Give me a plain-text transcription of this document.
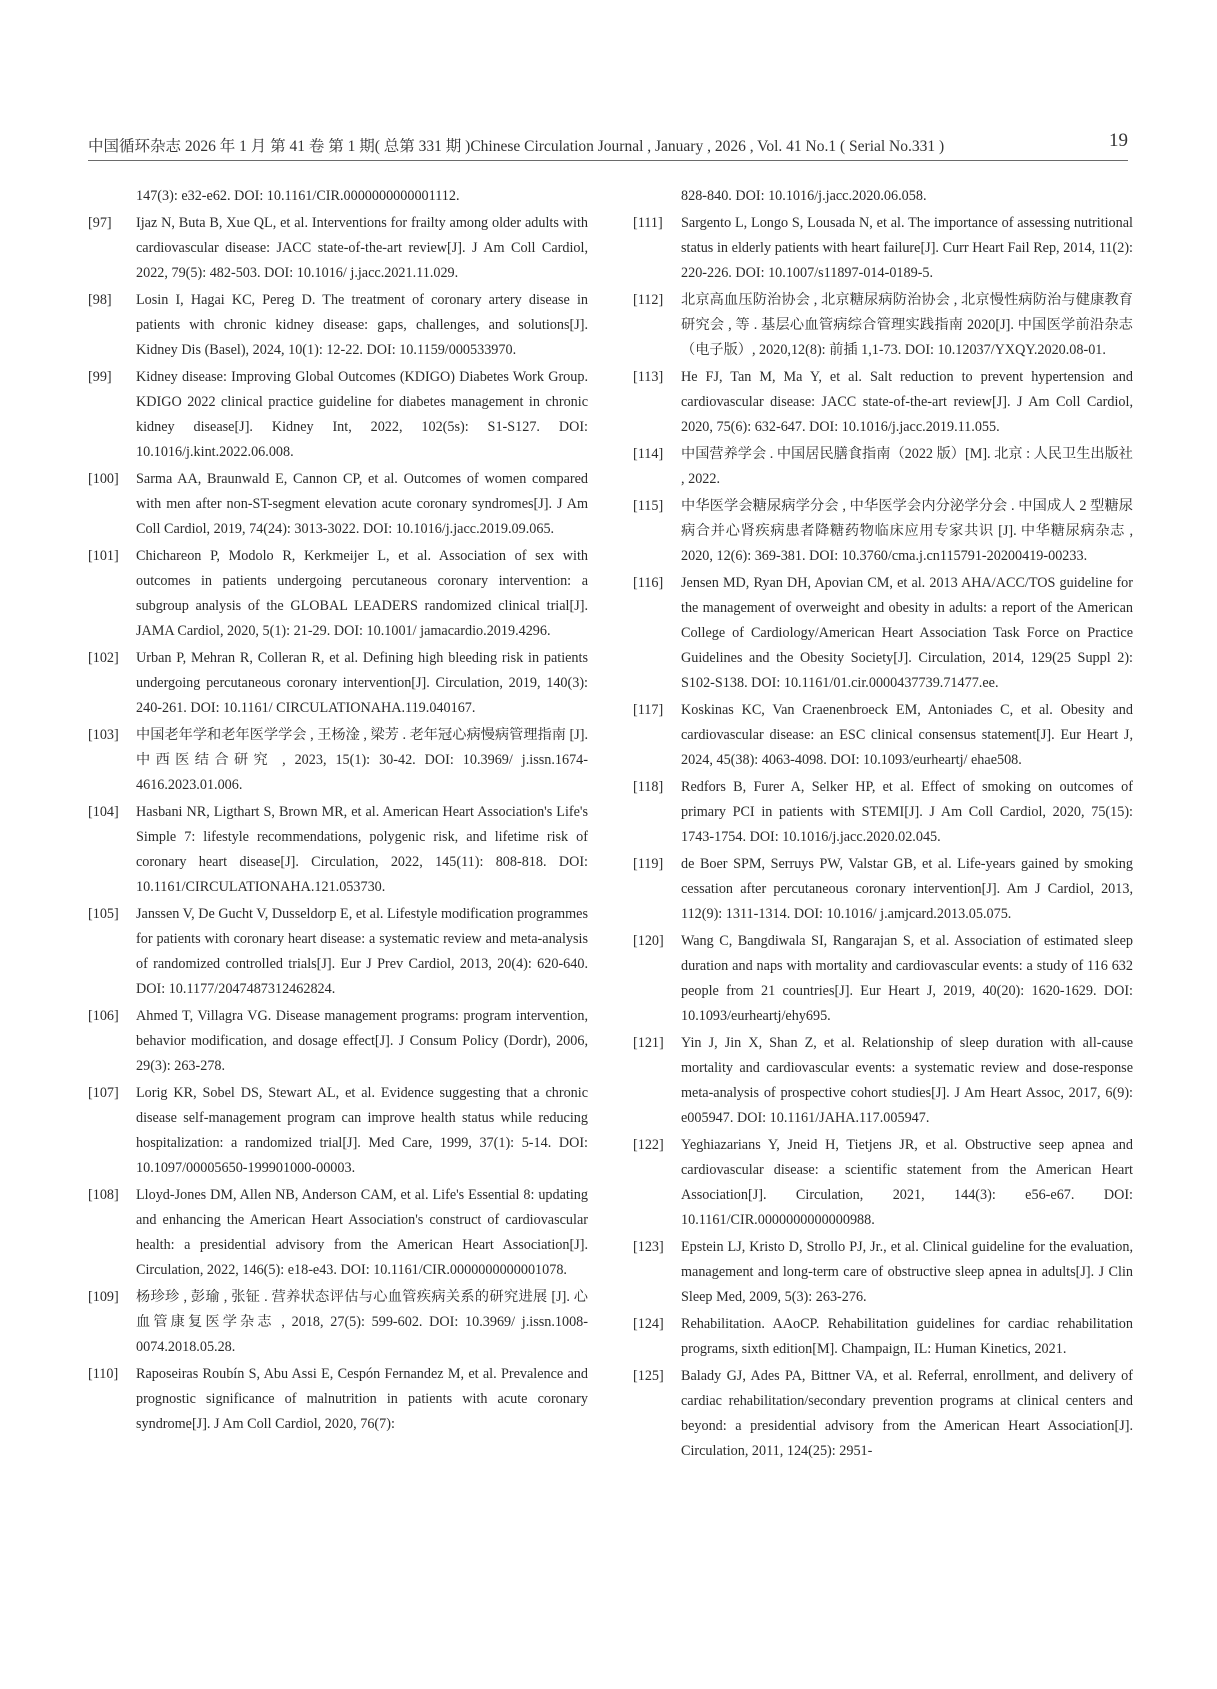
中国循环杂志 2026 年 1 月 第 41 卷 第 1 期( 总第 331 期 )Chinese Circulation Journal , January , 2026 , Vol. 41 No.1 ( Serial No.331 )	19
147(3): e32-e62. DOI: 10.1161/CIR.0000000000001112.
[97] Ijaz N, Buta B, Xue QL, et al. Interventions for frailty among older adults with cardiovascular disease: JACC state-of-the-art review[J]. J Am Coll Cardiol, 2022, 79(5): 482-503. DOI: 10.1016/ j.jacc.2021.11.029.
[98] Losin I, Hagai KC, Pereg D. The treatment of coronary artery disease in patients with chronic kidney disease: gaps, challenges, and solutions[J]. Kidney Dis (Basel), 2024, 10(1): 12-22. DOI: 10.1159/000533970.
[99] Kidney disease: Improving Global Outcomes (KDIGO) Diabetes Work Group. KDIGO 2022 clinical practice guideline for diabetes management in chronic kidney disease[J]. Kidney Int, 2022, 102(5s): S1-S127. DOI: 10.1016/j.kint.2022.06.008.
[100] Sarma AA, Braunwald E, Cannon CP, et al. Outcomes of women compared with men after non-ST-segment elevation acute coronary syndromes[J]. J Am Coll Cardiol, 2019, 74(24): 3013-3022. DOI: 10.1016/j.jacc.2019.09.065.
[101] Chichareon P, Modolo R, Kerkmeijer L, et al. Association of sex with outcomes in patients undergoing percutaneous coronary intervention: a subgroup analysis of the GLOBAL LEADERS randomized clinical trial[J]. JAMA Cardiol, 2020, 5(1): 21-29. DOI: 10.1001/ jamacardio.2019.4296.
[102] Urban P, Mehran R, Colleran R, et al. Defining high bleeding risk in patients undergoing percutaneous coronary intervention[J]. Circulation, 2019, 140(3): 240-261. DOI: 10.1161/ CIRCULATIONAHA.119.040167.
[103] 中国老年学和老年医学学会 , 王杨淦 , 梁芳 . 老年冠心病慢病管理指南 [J]. 中西医结合研究 , 2023, 15(1): 30-42. DOI: 10.3969/ j.issn.1674-4616.2023.01.006.
[104] Hasbani NR, Ligthart S, Brown MR, et al. American Heart Association's Life's Simple 7: lifestyle recommendations, polygenic risk, and lifetime risk of coronary heart disease[J]. Circulation, 2022, 145(11): 808-818. DOI: 10.1161/CIRCULATIONAHA.121.053730.
[105] Janssen V, De Gucht V, Dusseldorp E, et al. Lifestyle modification programmes for patients with coronary heart disease: a systematic review and meta-analysis of randomized controlled trials[J]. Eur J Prev Cardiol, 2013, 20(4): 620-640. DOI: 10.1177/2047487312462824.
[106] Ahmed T, Villagra VG. Disease management programs: program intervention, behavior modification, and dosage effect[J]. J Consum Policy (Dordr), 2006, 29(3): 263-278.
[107] Lorig KR, Sobel DS, Stewart AL, et al. Evidence suggesting that a chronic disease self-management program can improve health status while reducing hospitalization: a randomized trial[J]. Med Care, 1999, 37(1): 5-14. DOI: 10.1097/00005650-199901000-00003.
[108] Lloyd-Jones DM, Allen NB, Anderson CAM, et al. Life's Essential 8: updating and enhancing the American Heart Association's construct of cardiovascular health: a presidential advisory from the American Heart Association[J]. Circulation, 2022, 146(5): e18-e43. DOI: 10.1161/CIR.0000000000001078.
[109] 杨珍珍 , 彭瑜 , 张钲 . 营养状态评估与心血管疾病关系的研究进展 [J]. 心血管康复医学杂志 , 2018, 27(5): 599-602. DOI: 10.3969/ j.issn.1008-0074.2018.05.28.
[110] Raposeiras Roubín S, Abu Assi E, Cespón Fernandez M, et al. Prevalence and prognostic significance of malnutrition in patients with acute coronary syndrome[J]. J Am Coll Cardiol, 2020, 76(7):
828-840. DOI: 10.1016/j.jacc.2020.06.058.
[111] Sargento L, Longo S, Lousada N, et al. The importance of assessing nutritional status in elderly patients with heart failure[J]. Curr Heart Fail Rep, 2014, 11(2): 220-226. DOI: 10.1007/s11897-014-0189-5.
[112] 北京高血压防治协会 , 北京糖尿病防治协会 , 北京慢性病防治与健康教育研究会 , 等 . 基层心血管病综合管理实践指南 2020[J]. 中国医学前沿杂志（电子版）, 2020,12(8): 前插 1,1-73. DOI: 10.12037/YXQY.2020.08-01.
[113] He FJ, Tan M, Ma Y, et al. Salt reduction to prevent hypertension and cardiovascular disease: JACC state-of-the-art review[J]. J Am Coll Cardiol, 2020, 75(6): 632-647. DOI: 10.1016/j.jacc.2019.11.055.
[114] 中国营养学会 . 中国居民膳食指南（2022 版）[M]. 北京 : 人民卫生出版社 , 2022.
[115] 中华医学会糖尿病学分会 , 中华医学会内分泌学分会 . 中国成人 2 型糖尿病合并心肾疾病患者降糖药物临床应用专家共识 [J]. 中华糖尿病杂志 , 2020, 12(6): 369-381. DOI: 10.3760/cma.j.cn115791-20200419-00233.
[116] Jensen MD, Ryan DH, Apovian CM, et al. 2013 AHA/ACC/TOS guideline for the management of overweight and obesity in adults: a report of the American College of Cardiology/American Heart Association Task Force on Practice Guidelines and the Obesity Society[J]. Circulation, 2014, 129(25 Suppl 2): S102-S138. DOI: 10.1161/01.cir.0000437739.71477.ee.
[117] Koskinas KC, Van Craenenbroeck EM, Antoniades C, et al. Obesity and cardiovascular disease: an ESC clinical consensus statement[J]. Eur Heart J, 2024, 45(38): 4063-4098. DOI: 10.1093/eurheartj/ ehae508.
[118] Redfors B, Furer A, Selker HP, et al. Effect of smoking on outcomes of primary PCI in patients with STEMI[J]. J Am Coll Cardiol, 2020, 75(15): 1743-1754. DOI: 10.1016/j.jacc.2020.02.045.
[119] de Boer SPM, Serruys PW, Valstar GB, et al. Life-years gained by smoking cessation after percutaneous coronary intervention[J]. Am J Cardiol, 2013, 112(9): 1311-1314. DOI: 10.1016/ j.amjcard.2013.05.075.
[120] Wang C, Bangdiwala SI, Rangarajan S, et al. Association of estimated sleep duration and naps with mortality and cardiovascular events: a study of 116 632 people from 21 countries[J]. Eur Heart J, 2019, 40(20): 1620-1629. DOI: 10.1093/eurheartj/ehy695.
[121] Yin J, Jin X, Shan Z, et al. Relationship of sleep duration with all-cause mortality and cardiovascular events: a systematic review and dose-response meta-analysis of prospective cohort studies[J]. J Am Heart Assoc, 2017, 6(9): e005947. DOI: 10.1161/JAHA.117.005947.
[122] Yeghiazarians Y, Jneid H, Tietjens JR, et al. Obstructive seep apnea and cardiovascular disease: a scientific statement from the American Heart Association[J]. Circulation, 2021, 144(3): e56-e67. DOI: 10.1161/CIR.0000000000000988.
[123] Epstein LJ, Kristo D, Strollo PJ, Jr., et al. Clinical guideline for the evaluation, management and long-term care of obstructive sleep apnea in adults[J]. J Clin Sleep Med, 2009, 5(3): 263-276.
[124] Rehabilitation. AAoCP. Rehabilitation guidelines for cardiac rehabilitation programs, sixth edition[M]. Champaign, IL: Human Kinetics, 2021.
[125] Balady GJ, Ades PA, Bittner VA, et al. Referral, enrollment, and delivery of cardiac rehabilitation/secondary prevention programs at clinical centers and beyond: a presidential advisory from the American Heart Association[J]. Circulation, 2011, 124(25): 2951-
